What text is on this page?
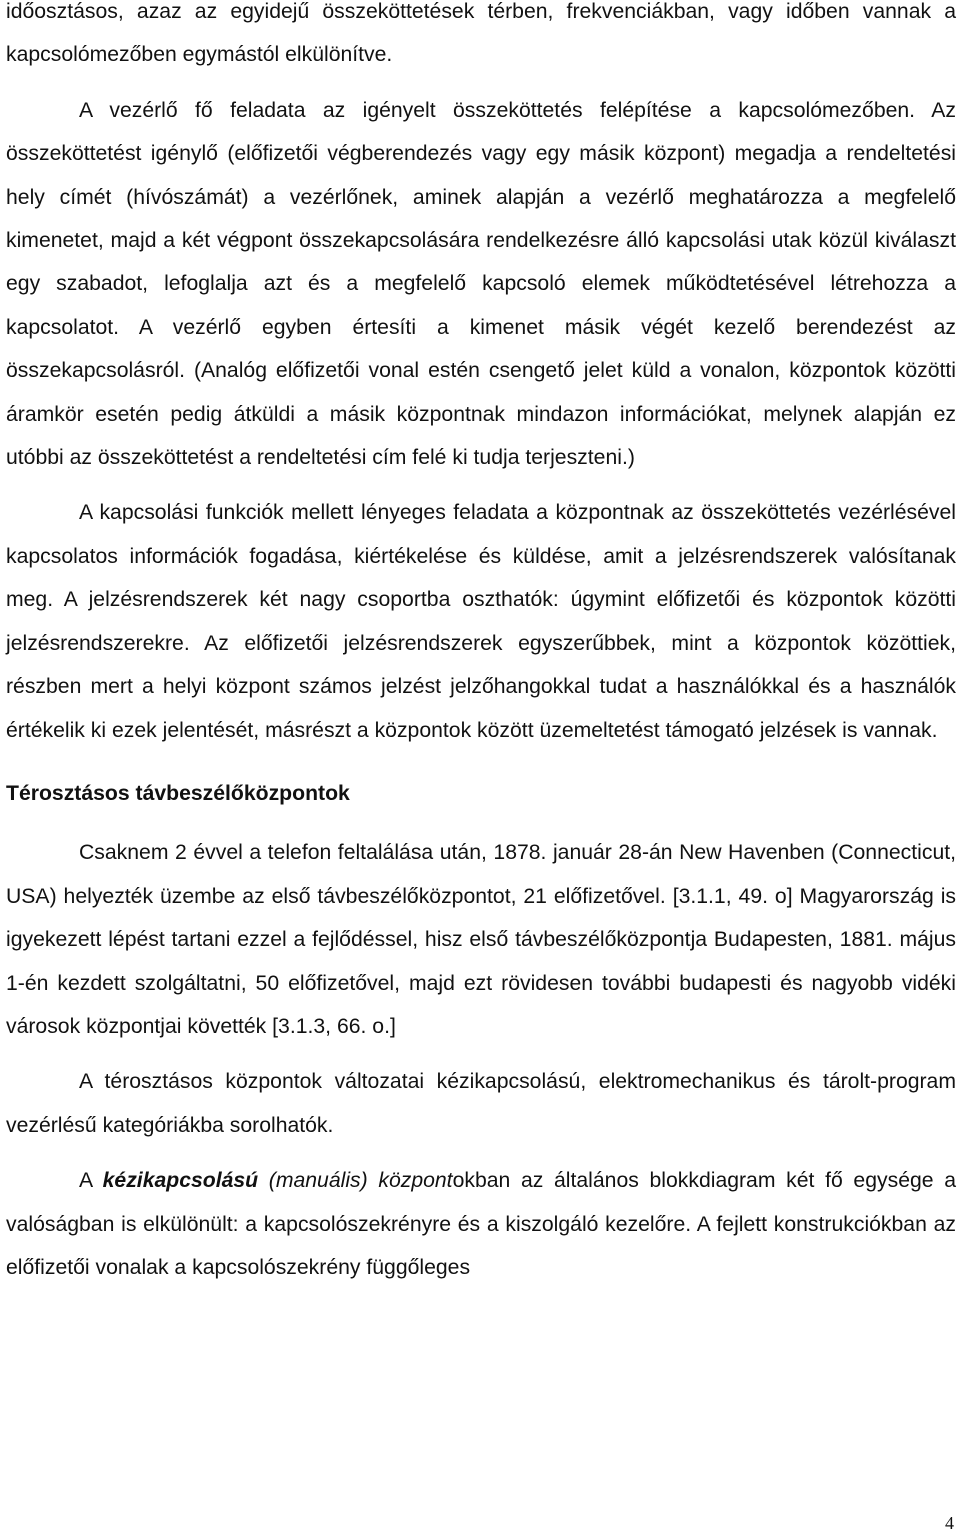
időosztásos, azaz az egyidejű összeköttetések térben, frekvenciákban, vagy időben vannak a kapcsolómezőben egymástól elkülönítve.

A vezérlő fő feladata az igényelt összeköttetés felépítése a kapcsolómezőben. Az összeköttetést igénylő (előfizetői végberendezés vagy egy másik központ) megadja a rendeltetési hely címét (hívószámát) a vezérlőnek, aminek alapján a vezérlő meghatározza a megfelelő kimenetet, majd a két végpont összekapcsolására rendelkezésre álló kapcsolási utak közül kiválaszt egy szabadot, lefoglalja azt és a megfelelő kapcsoló elemek működtetésével létrehozza a kapcsolatot. A vezérlő egyben értesíti a kimenet másik végét kezelő berendezést az összekapcsolásról. (Analóg előfizetői vonal estén csengető jelet küld a vonalon, központok közötti áramkör esetén pedig átküldi a másik központnak mindazon információkat, melynek alapján ez utóbbi az összeköttetést a rendeltetési cím felé ki tudja terjeszteni.)

A kapcsolási funkciók mellett lényeges feladata a központnak az összeköttetés vezérlésével kapcsolatos információk fogadása, kiértékelése és küldése, amit a jelzésrendszerek valósítanak meg. A jelzésrendszerek két nagy csoportba oszthatók: úgymint előfizetői és központok közötti jelzésrendszerekre. Az előfizetői jelzésrendszerek egyszerűbbek, mint a központok közöttiek, részben mert a helyi központ számos jelzést jelzőhangokkal tudat a használókkal és a használók értékelik ki ezek jelentését, másrészt a központok között üzemeltetést támogató jelzések is vannak.

Térosztásos távbeszélőközpontok

Csaknem 2 évvel a telefon feltalálása után, 1878. január 28-án New Havenben (Connecticut, USA) helyezték üzembe az első távbeszélőközpontot, 21 előfizetővel. [3.1.1, 49. o] Magyarország is igyekezett lépést tartani ezzel a fejlődéssel, hisz első távbeszélőközpontja Budapesten, 1881. május 1-én kezdett szolgáltatni, 50 előfizetővel, majd ezt rövidesen további budapesti és nagyobb vidéki városok központjai követték [3.1.3, 66. o.]

A térosztásos központok változatai kézikapcsolású, elektromechanikus és tárolt-program vezérlésű kategóriákba sorolhatók.

A kézikapcsolású (manuális) központokban az általános blokkdiagram két fő egysége a valóságban is elkülönült: a kapcsolószekrényre és a kiszolgáló kezelőre. A fejlett konstrukciókban az előfizetői vonalak a kapcsolószekrény függőleges

4
